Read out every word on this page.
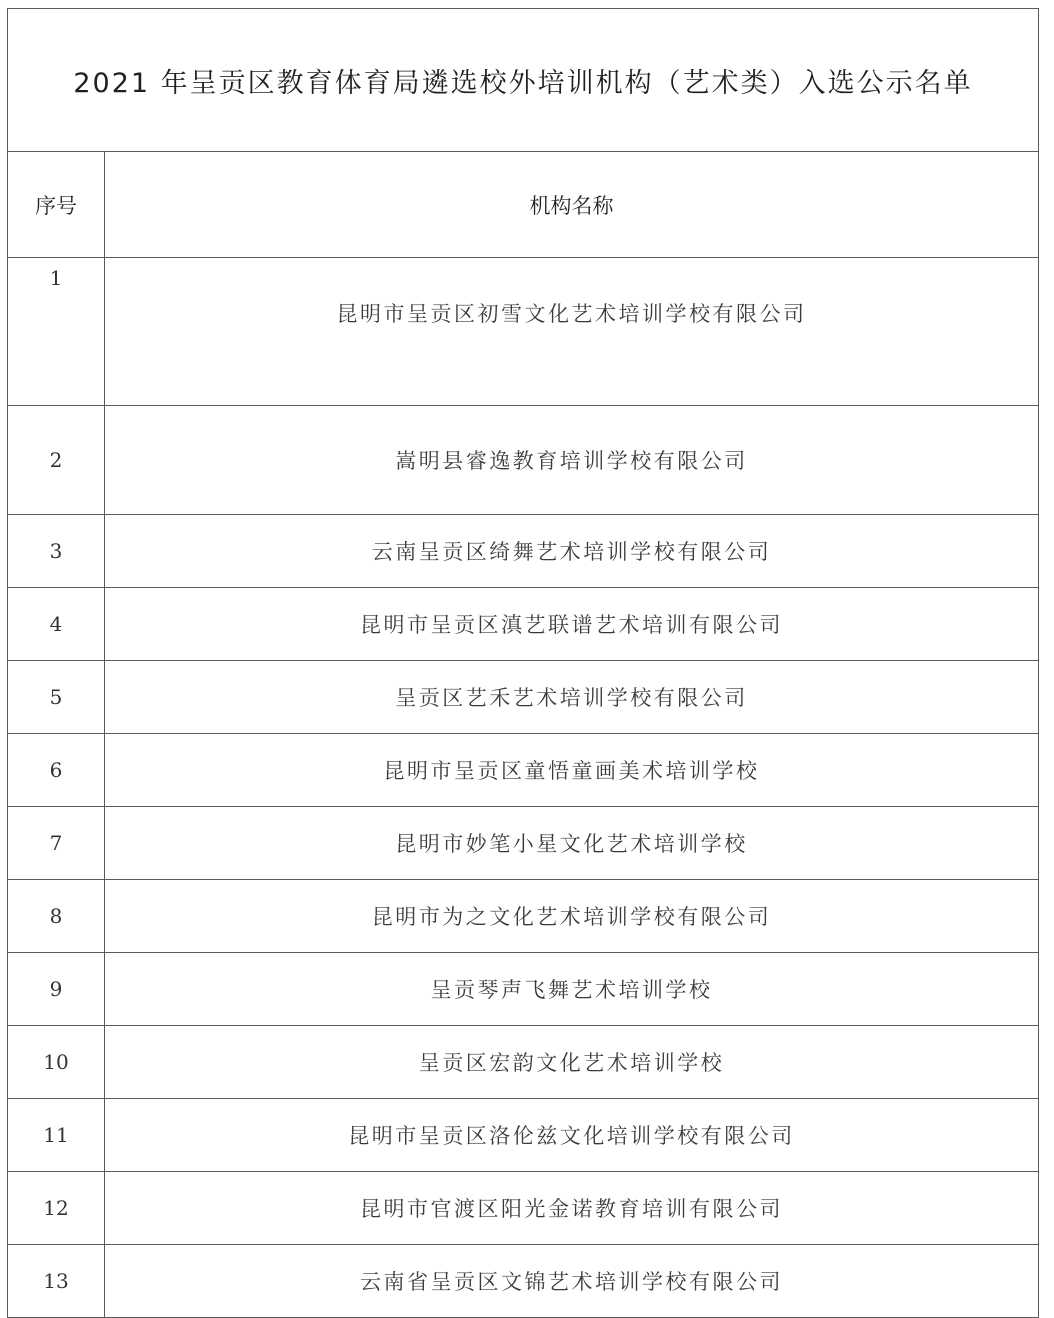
2021 年呈贡区教育体育局遴选校外培训机构（艺术类）入选公示名单	
序号	机构名称
1	昆明市呈贡区初雪文化艺术培训学校有限公司
2	嵩明县睿逸教育培训学校有限公司
3	云南呈贡区绮舞艺术培训学校有限公司
4	昆明市呈贡区滇艺联谱艺术培训有限公司
5	呈贡区艺禾艺术培训学校有限公司
6	昆明市呈贡区童悟童画美术培训学校
7	昆明市妙笔小星文化艺术培训学校
8	昆明市为之文化艺术培训学校有限公司
9	呈贡琴声飞舞艺术培训学校
10	呈贡区宏韵文化艺术培训学校
11	昆明市呈贡区洛伦兹文化培训学校有限公司
12	昆明市官渡区阳光金诺教育培训有限公司
13	云南省呈贡区文锦艺术培训学校有限公司
